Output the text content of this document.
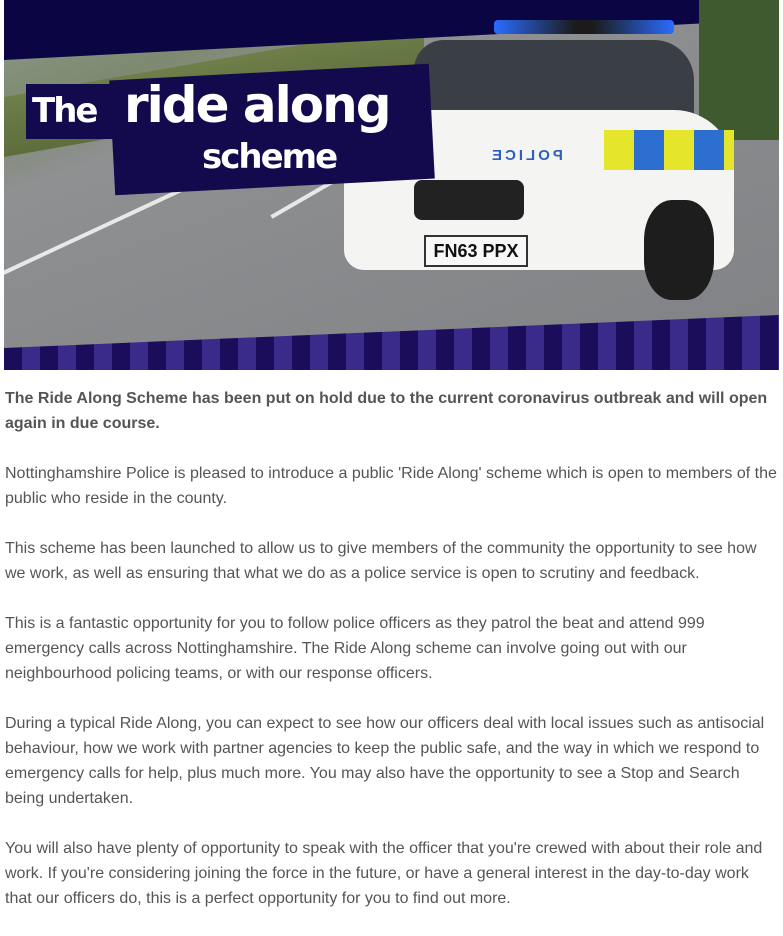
POLICE
FN63 PPX
The ride along
scheme

The Ride Along Scheme has been put on hold due to the current coronavirus outbreak and will open again in due course.

Nottinghamshire Police is pleased to introduce a public 'Ride Along' scheme which is open to members of the public who reside in the county.

This scheme has been launched to allow us to give members of the community the opportunity to see how we work, as well as ensuring that what we do as a police service is open to scrutiny and feedback.

This is a fantastic opportunity for you to follow police officers as they patrol the beat and attend 999 emergency calls across Nottinghamshire. The Ride Along scheme can involve going out with our neighbourhood policing teams, or with our response officers.

During a typical Ride Along, you can expect to see how our officers deal with local issues such as antisocial behaviour, how we work with partner agencies to keep the public safe, and the way in which we respond to emergency calls for help, plus much more. You may also have the opportunity to see a Stop and Search being undertaken.

You will also have plenty of opportunity to speak with the officer that you're crewed with about their role and work. If you're considering joining the force in the future, or have a general interest in the day-to-day work that our officers do, this is a perfect opportunity for you to find out more.
